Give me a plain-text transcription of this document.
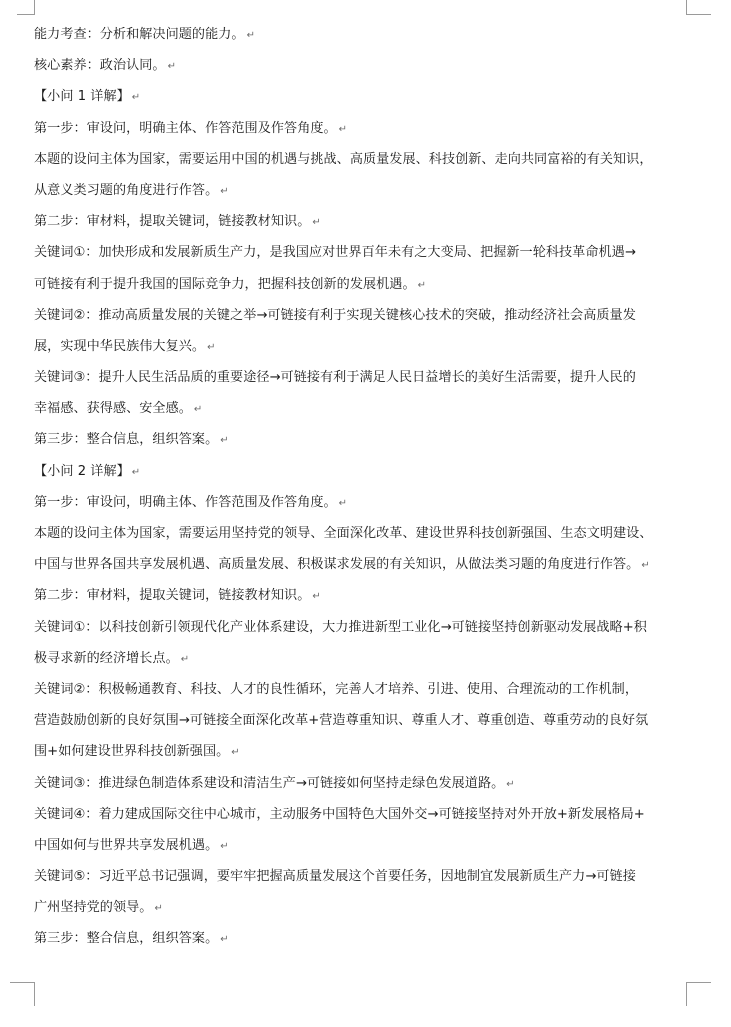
能力考查：分析和解决问题的能力。 ↵
核心素养：政治认同。 ↵
【小问 1 详解】 ↵
第一步：审设问，明确主体、作答范围及作答角度。 ↵
本题的设问主体为国家，需要运用中国的机遇与挑战、高质量发展、科技创新、走向共同富裕的有关知识，
从意义类习题的角度进行作答。 ↵
第二步：审材料，提取关键词，链接教材知识。 ↵
关键词①：加快形成和发展新质生产力，是我国应对世界百年未有之大变局、把握新一轮科技革命机遇→
可链接有利于提升我国的国际竞争力，把握科技创新的发展机遇。 ↵
关键词②：推动高质量发展的关键之举→可链接有利于实现关键核心技术的突破，推动经济社会高质量发
展，实现中华民族伟大复兴。 ↵
关键词③：提升人民生活品质的重要途径→可链接有利于满足人民日益增长的美好生活需要，提升人民的
幸福感、获得感、安全感。 ↵
第三步：整合信息，组织答案。 ↵
【小问 2 详解】 ↵
第一步：审设问，明确主体、作答范围及作答角度。 ↵
本题的设问主体为国家，需要运用坚持党的领导、全面深化改革、建设世界科技创新强国、生态文明建设、
中国与世界各国共享发展机遇、高质量发展、积极谋求发展的有关知识，从做法类习题的角度进行作答。 ↵
第二步：审材料，提取关键词，链接教材知识。 ↵
关键词①：以科技创新引领现代化产业体系建设，大力推进新型工业化→可链接坚持创新驱动发展战略+积
极寻求新的经济增长点。 ↵
关键词②：积极畅通教育、科技、人才的良性循环，完善人才培养、引进、使用、合理流动的工作机制，
营造鼓励创新的良好氛围→可链接全面深化改革+营造尊重知识、尊重人才、尊重创造、尊重劳动的良好氛
围+如何建设世界科技创新强国。 ↵
关键词③：推进绿色制造体系建设和清洁生产→可链接如何坚持走绿色发展道路。 ↵
关键词④：着力建成国际交往中心城市，主动服务中国特色大国外交→可链接坚持对外开放+新发展格局+
中国如何与世界共享发展机遇。 ↵
关键词⑤：习近平总书记强调，要牢牢把握高质量发展这个首要任务，因地制宜发展新质生产力→可链接
广州坚持党的领导。 ↵
第三步：整合信息，组织答案。 ↵
